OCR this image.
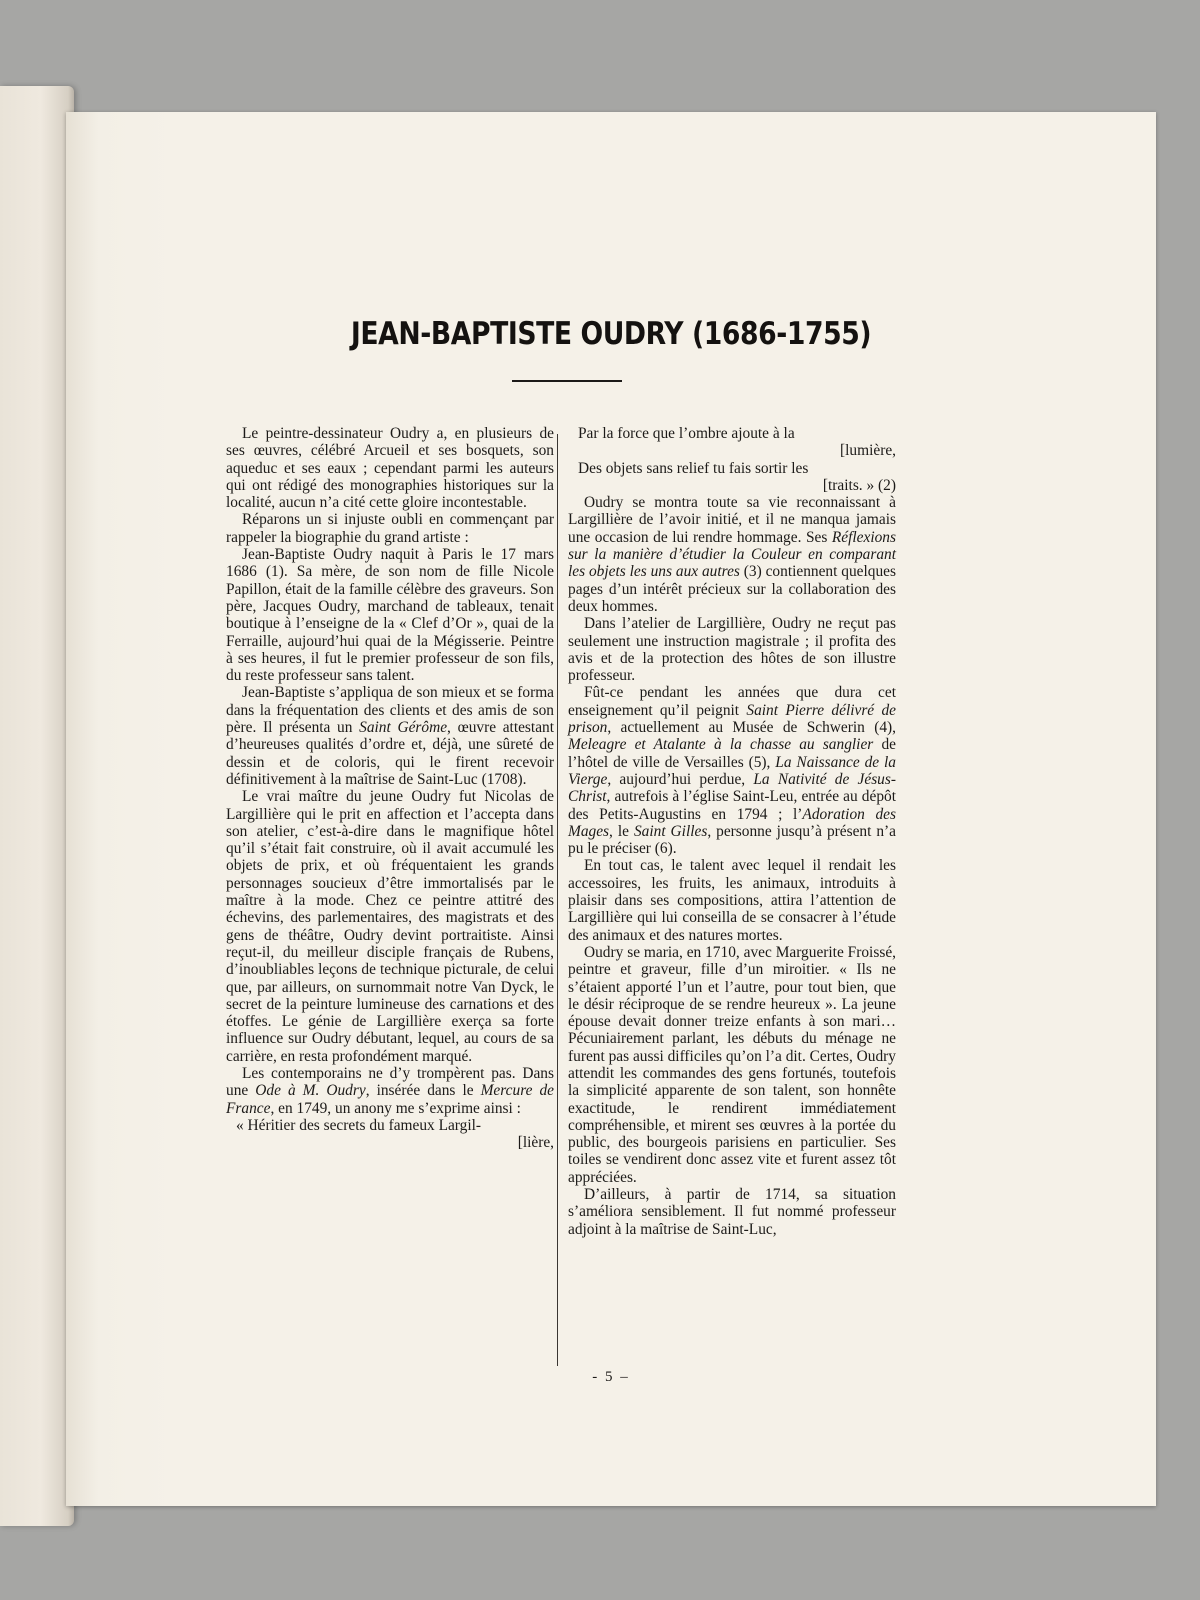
JEAN-BAPTISTE OUDRY (1686-1755)

Le peintre-dessinateur Oudry a, en plusieurs de ses œuvres, célébré Arcueil et ses bosquets, son aqueduc et ses eaux ; cependant parmi les auteurs qui ont rédigé des monographies historiques sur la localité, aucun n’a cité cette gloire incontestable.

Réparons un si injuste oubli en commençant par rappeler la biographie du grand artiste :

Jean-Baptiste Oudry naquit à Paris le 17 mars 1686 (1). Sa mère, de son nom de fille Nicole Papillon, était de la famille célèbre des graveurs. Son père, Jacques Oudry, marchand de tableaux, tenait boutique à l’enseigne de la « Clef d’Or », quai de la Ferraille, aujourd’hui quai de la Mégisserie. Peintre à ses heures, il fut le premier professeur de son fils, du reste professeur sans talent.

Jean-Baptiste s’appliqua de son mieux et se forma dans la fréquentation des clients et des amis de son père. Il présenta un Saint Gérôme, œuvre attestant d’heureuses qualités d’ordre et, déjà, une sûreté de dessin et de coloris, qui le firent recevoir définitivement à la maîtrise de Saint-Luc (1708).

Le vrai maître du jeune Oudry fut Nicolas de Largillière qui le prit en affection et l’accepta dans son atelier, c’est-à-dire dans le magnifique hôtel qu’il s’était fait construire, où il avait accumulé les objets de prix, et où fréquentaient les grands personnages soucieux d’être immortalisés par le maître à la mode. Chez ce peintre attitré des échevins, des parlementaires, des magistrats et des gens de théâtre, Oudry devint portraitiste. Ainsi reçut-il, du meilleur disciple français de Rubens, d’inoubliables leçons de technique picturale, de celui que, par ailleurs, on surnommait notre Van Dyck, le secret de la peinture lumineuse des carnations et des étoffes. Le génie de Largillière exerça sa forte influence sur Oudry débutant, lequel, au cours de sa carrière, en resta profondément marqué.

Les contemporains ne d’y trompèrent pas. Dans une Ode à M. Oudry, insérée dans le Mercure de France, en 1749, un anony me s’exprime ainsi :

« Héritier des secrets du fameux Largil-
[lière,
Par la force que l’ombre ajoute à la
[lumière,
Des objets sans relief tu fais sortir les
[traits. » (2)

Oudry se montra toute sa vie reconnaissant à Largillière de l’avoir initié, et il ne manqua jamais une occasion de lui rendre hommage. Ses Réflexions sur la manière d’étudier la Couleur en comparant les objets les uns aux autres (3) contiennent quelques pages d’un intérêt précieux sur la collaboration des deux hommes.

Dans l’atelier de Largillière, Oudry ne reçut pas seulement une instruction magistrale ; il profita des avis et de la protection des hôtes de son illustre professeur.

Fût-ce pendant les années que dura cet enseignement qu’il peignit Saint Pierre délivré de prison, actuellement au Musée de Schwerin (4), Meleagre et Atalante à la chasse au sanglier de l’hôtel de ville de Versailles (5), La Naissance de la Vierge, aujourd’hui perdue, La Nativité de Jésus-Christ, autrefois à l’église Saint-Leu, entrée au dépôt des Petits-Augustins en 1794 ; l’Adoration des Mages, le Saint Gilles, personne jusqu’à présent n’a pu le préciser (6).

En tout cas, le talent avec lequel il rendait les accessoires, les fruits, les animaux, introduits à plaisir dans ses compositions, attira l’attention de Largillière qui lui conseilla de se consacrer à l’étude des animaux et des natures mortes.

Oudry se maria, en 1710, avec Marguerite Froissé, peintre et graveur, fille d’un miroitier. « Ils ne s’étaient apporté l’un et l’autre, pour tout bien, que le désir réciproque de se rendre heureux ». La jeune épouse devait donner treize enfants à son mari… Pécuniairement parlant, les débuts du ménage ne furent pas aussi difficiles qu’on l’a dit. Certes, Oudry attendit les commandes des gens fortunés, toutefois la simplicité apparente de son talent, son honnête exactitude, le rendirent immédiatement compréhensible, et mirent ses œuvres à la portée du public, des bourgeois parisiens en particulier. Ses toiles se vendirent donc assez vite et furent assez tôt appréciées.

D’ailleurs, à partir de 1714, sa situation s’améliora sensiblement. Il fut nommé professeur adjoint à la maîtrise de Saint-Luc,

- 5 –
